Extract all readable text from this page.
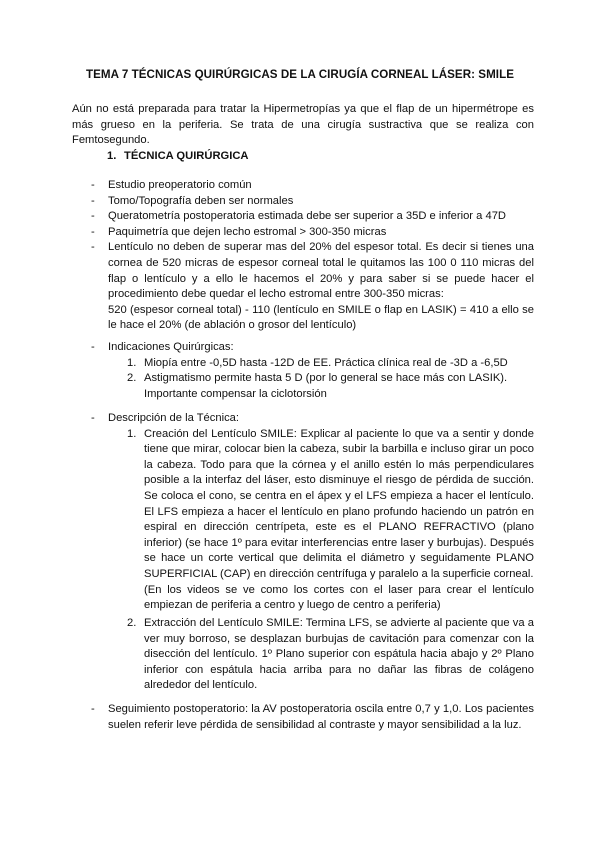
TEMA 7 TÉCNICAS QUIRÚRGICAS DE LA CIRUGÍA CORNEAL LÁSER: SMILE

Aún no está preparada para tratar la Hipermetropías ya que el flap de un hipermétrope es más grueso en la periferia. Se trata de una cirugía sustractiva que se realiza con Femtosegundo.

1. TÉCNICA QUIRÚRGICA
- Estudio preoperatorio común
- Tomo/Topografía deben ser normales
- Queratometría postoperatoria estimada debe ser superior a 35D e inferior a 47D
- Paquimetría que dejen lecho estromal > 300-350 micras
- Lentículo no deben de superar mas del 20% del espesor total. Es decir si tienes una cornea de 520 micras de espesor corneal total le quitamos las 100 0 110 micras del flap o lentículo y a ello le hacemos el 20% y para saber si se puede hacer el procedimiento debe quedar el lecho estromal entre 300-350 micras:

520 (espesor corneal total) - 110 (lentículo en SMILE o flap en LASIK) = 410 a ello se le hace el 20% (de ablación o grosor del lentículo)

- Indicaciones Quirúrgicas:
1. Miopía entre -0,5D hasta -12D de EE. Práctica clínica real de -3D a -6,5D
2. Astigmatismo permite hasta 5 D (por lo general se hace más con LASIK). Importante compensar la ciclotorsión
- Descripción de la Técnica:
1. Creación del Lentículo SMILE: Explicar al paciente lo que va a sentir y donde tiene que mirar, colocar bien la cabeza, subir la barbilla e incluso girar un poco la cabeza. Todo para que la córnea y el anillo estén lo más perpendiculares posible a la interfaz del láser, esto disminuye el riesgo de pérdida de succión. Se coloca el cono, se centra en el ápex y el LFS empieza a hacer el lentículo. El LFS empieza a hacer el lentículo en plano profundo haciendo un patrón en espiral en dirección centrípeta, este es el PLANO REFRACTIVO (plano inferior) (se hace 1º para evitar interferencias entre laser y burbujas). Después se hace un corte vertical que delimita el diámetro y seguidamente PLANO SUPERFICIAL (CAP) en dirección centrífuga y paralelo a la superficie corneal.

(En los videos se ve como los cortes con el laser para crear el lentículo empiezan de periferia a centro y luego de centro a periferia)

2. Extracción del Lentículo SMILE: Termina LFS, se advierte al paciente que va a ver muy borroso, se desplazan burbujas de cavitación para comenzar con la disección del lentículo. 1º Plano superior con espátula hacia abajo y 2º Plano inferior con espátula hacia arriba para no dañar las fibras de colágeno alrededor del lentículo.

- Seguimiento postoperatorio: la AV postoperatoria oscila entre 0,7 y 1,0. Los pacientes suelen referir leve pérdida de sensibilidad al contraste y mayor sensibilidad a la luz.
